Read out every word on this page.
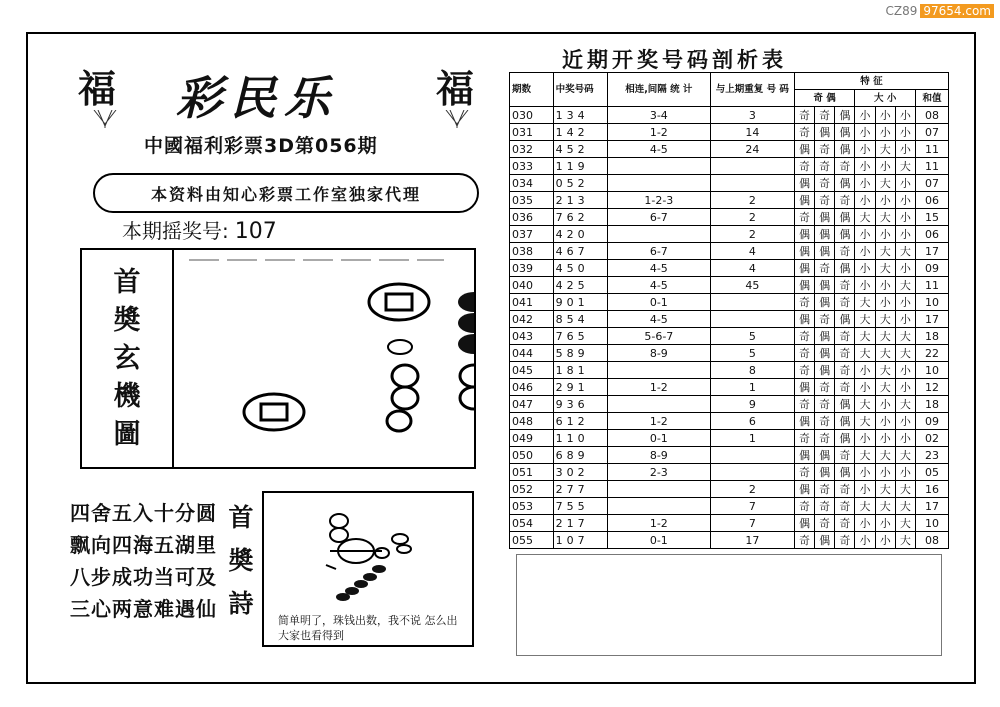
CZ89 97654.com
福 彩民乐	福
中國福利彩票3D第056期
本资料由知心彩票工作室独家代理
本期摇奖号: 107
首
奬
玄
機
圖
四舍五入十分圆
飘向四海五湖里
八步成功当可及
三心两意难遇仙
首
奬
詩
简单明了，珠钱出数，我不说 怎么出大家也看得到
近期开奖号码剖析表
期数	中奖号码	相连,间隔 统 计	与上期重复 号 码	特 征						
				奇 偶			大 小			和值
030	134	3-4	3	奇	奇	偶	小	小	小	08
031	142	1-2	14	奇	偶	偶	小	小	小	07
032	452	4-5	24	偶	奇	偶	小	大	小	11
033	119			奇	奇	奇	小	小	大	11
034	052			偶	奇	偶	小	大	小	07
035	213	1-2-3	2	偶	奇	奇	小	小	小	06
036	762	6-7	2	奇	偶	偶	大	大	小	15
037	420		2	偶	偶	偶	小	小	小	06
038	467	6-7	4	偶	偶	奇	小	大	大	17
039	450	4-5	4	偶	奇	偶	小	大	小	09
040	425	4-5	45	偶	偶	奇	小	小	大	11
041	901	0-1		奇	偶	奇	大	小	小	10
042	854	4-5		偶	奇	偶	大	大	小	17
043	765	5-6-7	5	奇	偶	奇	大	大	大	18
044	589	8-9	5	奇	偶	奇	大	大	大	22
045	181		8	奇	偶	奇	小	大	小	10
046	291	1-2	1	偶	奇	奇	小	大	小	12
047	936		9	奇	奇	偶	大	小	大	18
048	612	1-2	6	偶	奇	偶	大	小	小	09
049	110	0-1	1	奇	奇	偶	小	小	小	02
050	689	8-9		偶	偶	奇	大	大	大	23
051	302	2-3		奇	偶	偶	小	小	小	05
052	277		2	偶	奇	奇	小	大	大	16
053	755		7	奇	奇	奇	大	大	大	17
054	217	1-2	7	偶	奇	奇	小	小	大	10
055	107	0-1	17	奇	偶	奇	小	小	大	08
